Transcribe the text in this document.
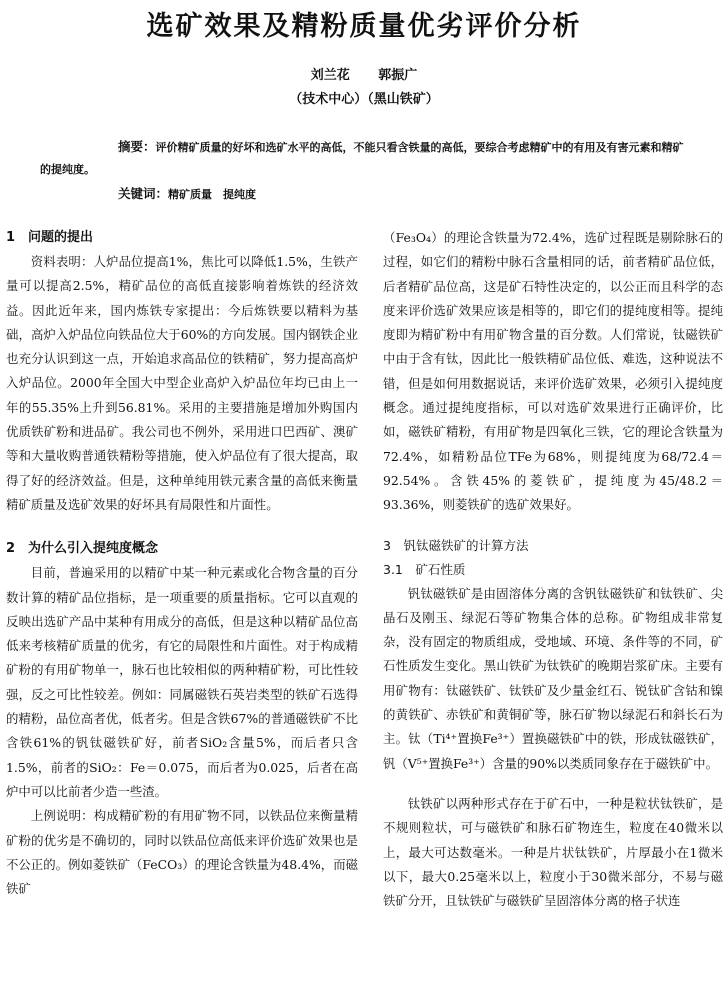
选矿效果及精粉质量优劣评价分析
刘兰花 郭振广
（技术中心）（黑山铁矿）
摘要：评价精矿质量的好坏和选矿水平的高低，不能只看含铁量的高低，要综合考虑精矿中的有用及有害元素和精矿的提纯度。
关键词：精矿质量　提纯度
1　问题的提出

资料表明：人炉品位提高1%，焦比可以降低1.5%，生铁产量可以提高2.5%，精矿品位的高低直接影响着炼铁的经济效益。因此近年来，国内炼铁专家提出：今后炼铁要以精料为基础，高炉入炉品位向铁品位大于60%的方向发展。国内钢铁企业也充分认识到这一点，开始追求高品位的铁精矿，努力提高高炉入炉品位。2000年全国大中型企业高炉入炉品位年均已由上一年的55.35%上升到56.81%。采用的主要措施是增加外购国内优质铁矿粉和进品矿。我公司也不例外，采用进口巴西矿、澳矿等和大量收购普通铁精粉等措施，使入炉品位有了很大提高，取得了好的经济效益。但是，这种单纯用铁元素含量的高低来衡量精矿质量及选矿效果的好坏具有局限性和片面性。

2　为什么引入提纯度概念

目前，普遍采用的以精矿中某一种元素或化合物含量的百分数计算的精矿品位指标，是一项重要的质量指标。它可以直观的反映出选矿产品中某种有用成分的高低，但是这种以精矿品位高低来考核精矿质量的优劣，有它的局限性和片面性。对于构成精矿粉的有用矿物单一，脉石也比较相似的两种精矿粉，可比性较强，反之可比性较差。例如：同属磁铁石英岩类型的铁矿石选得的精粉，品位高者优，低者劣。但是含铁67%的普通磁铁矿不比含铁61%的钒钛磁铁矿好，前者SiO₂含量5%，而后者只含1.5%，前者的SiO₂：Fe＝0.075，而后者为0.025，后者在高炉中可以比前者少造一些渣。

上例说明：构成精矿粉的有用矿物不同，以铁品位来衡量精矿粉的优劣是不确切的，同时以铁品位高低来评价选矿效果也是不公正的。例如菱铁矿（FeCO₃）的理论含铁量为48.4%，而磁铁矿

（Fe₃O₄）的理论含铁量为72.4%，选矿过程既是剔除脉石的过程，如它们的精粉中脉石含量相同的话，前者精矿品位低，后者精矿品位高，这是矿石特性决定的，以公正而且科学的态度来评价选矿效果应该是相等的，即它们的提纯度相等。提纯度即为精矿粉中有用矿物含量的百分数。人们常说，钛磁铁矿中由于含有钛，因此比一般铁精矿品位低、难选，这种说法不错，但是如何用数据说话，来评价选矿效果，必须引入提纯度概念。通过提纯度指标，可以对选矿效果进行正确评价，比如，磁铁矿精粉，有用矿物是四氧化三铁，它的理论含铁量为72.4%，如精粉品位TFe为68%，则提纯度为68/72.4＝92.54%。含铁45%的菱铁矿，提纯度为45/48.2＝93.36%，则菱铁矿的选矿效果好。

3　钒钛磁铁矿的计算方法
3.1　矿石性质

钒钛磁铁矿是由固溶体分离的含钒钛磁铁矿和钛铁矿、尖晶石及刚玉、绿泥石等矿物集合体的总称。矿物组成非常复杂，没有固定的物质组成，受地域、环境、条件等的不同，矿石性质发生变化。黑山铁矿为钛铁矿的晚期岩浆矿床。主要有用矿物有：钛磁铁矿、钛铁矿及少量金红石、锐钛矿含钴和镍的黄铁矿、赤铁矿和黄铜矿等，脉石矿物以绿泥石和斜长石为主。钛（Ti⁴⁺置换Fe³⁺）置换磁铁矿中的铁，形成钛磁铁矿，钒（V⁵⁺置换Fe³⁺）含量的90%以类质同象存在于磁铁矿中。

钛铁矿以两种形式存在于矿石中，一种是粒状钛铁矿，是不规则粒状，可与磁铁矿和脉石矿物连生，粒度在40微米以上，最大可达数毫米。一种是片状钛铁矿，片厚最小在1微米以下，最大0.25毫米以上，粒度小于30微米部分，不易与磁铁矿分开，且钛铁矿与磁铁矿呈固溶体分离的格子状连
